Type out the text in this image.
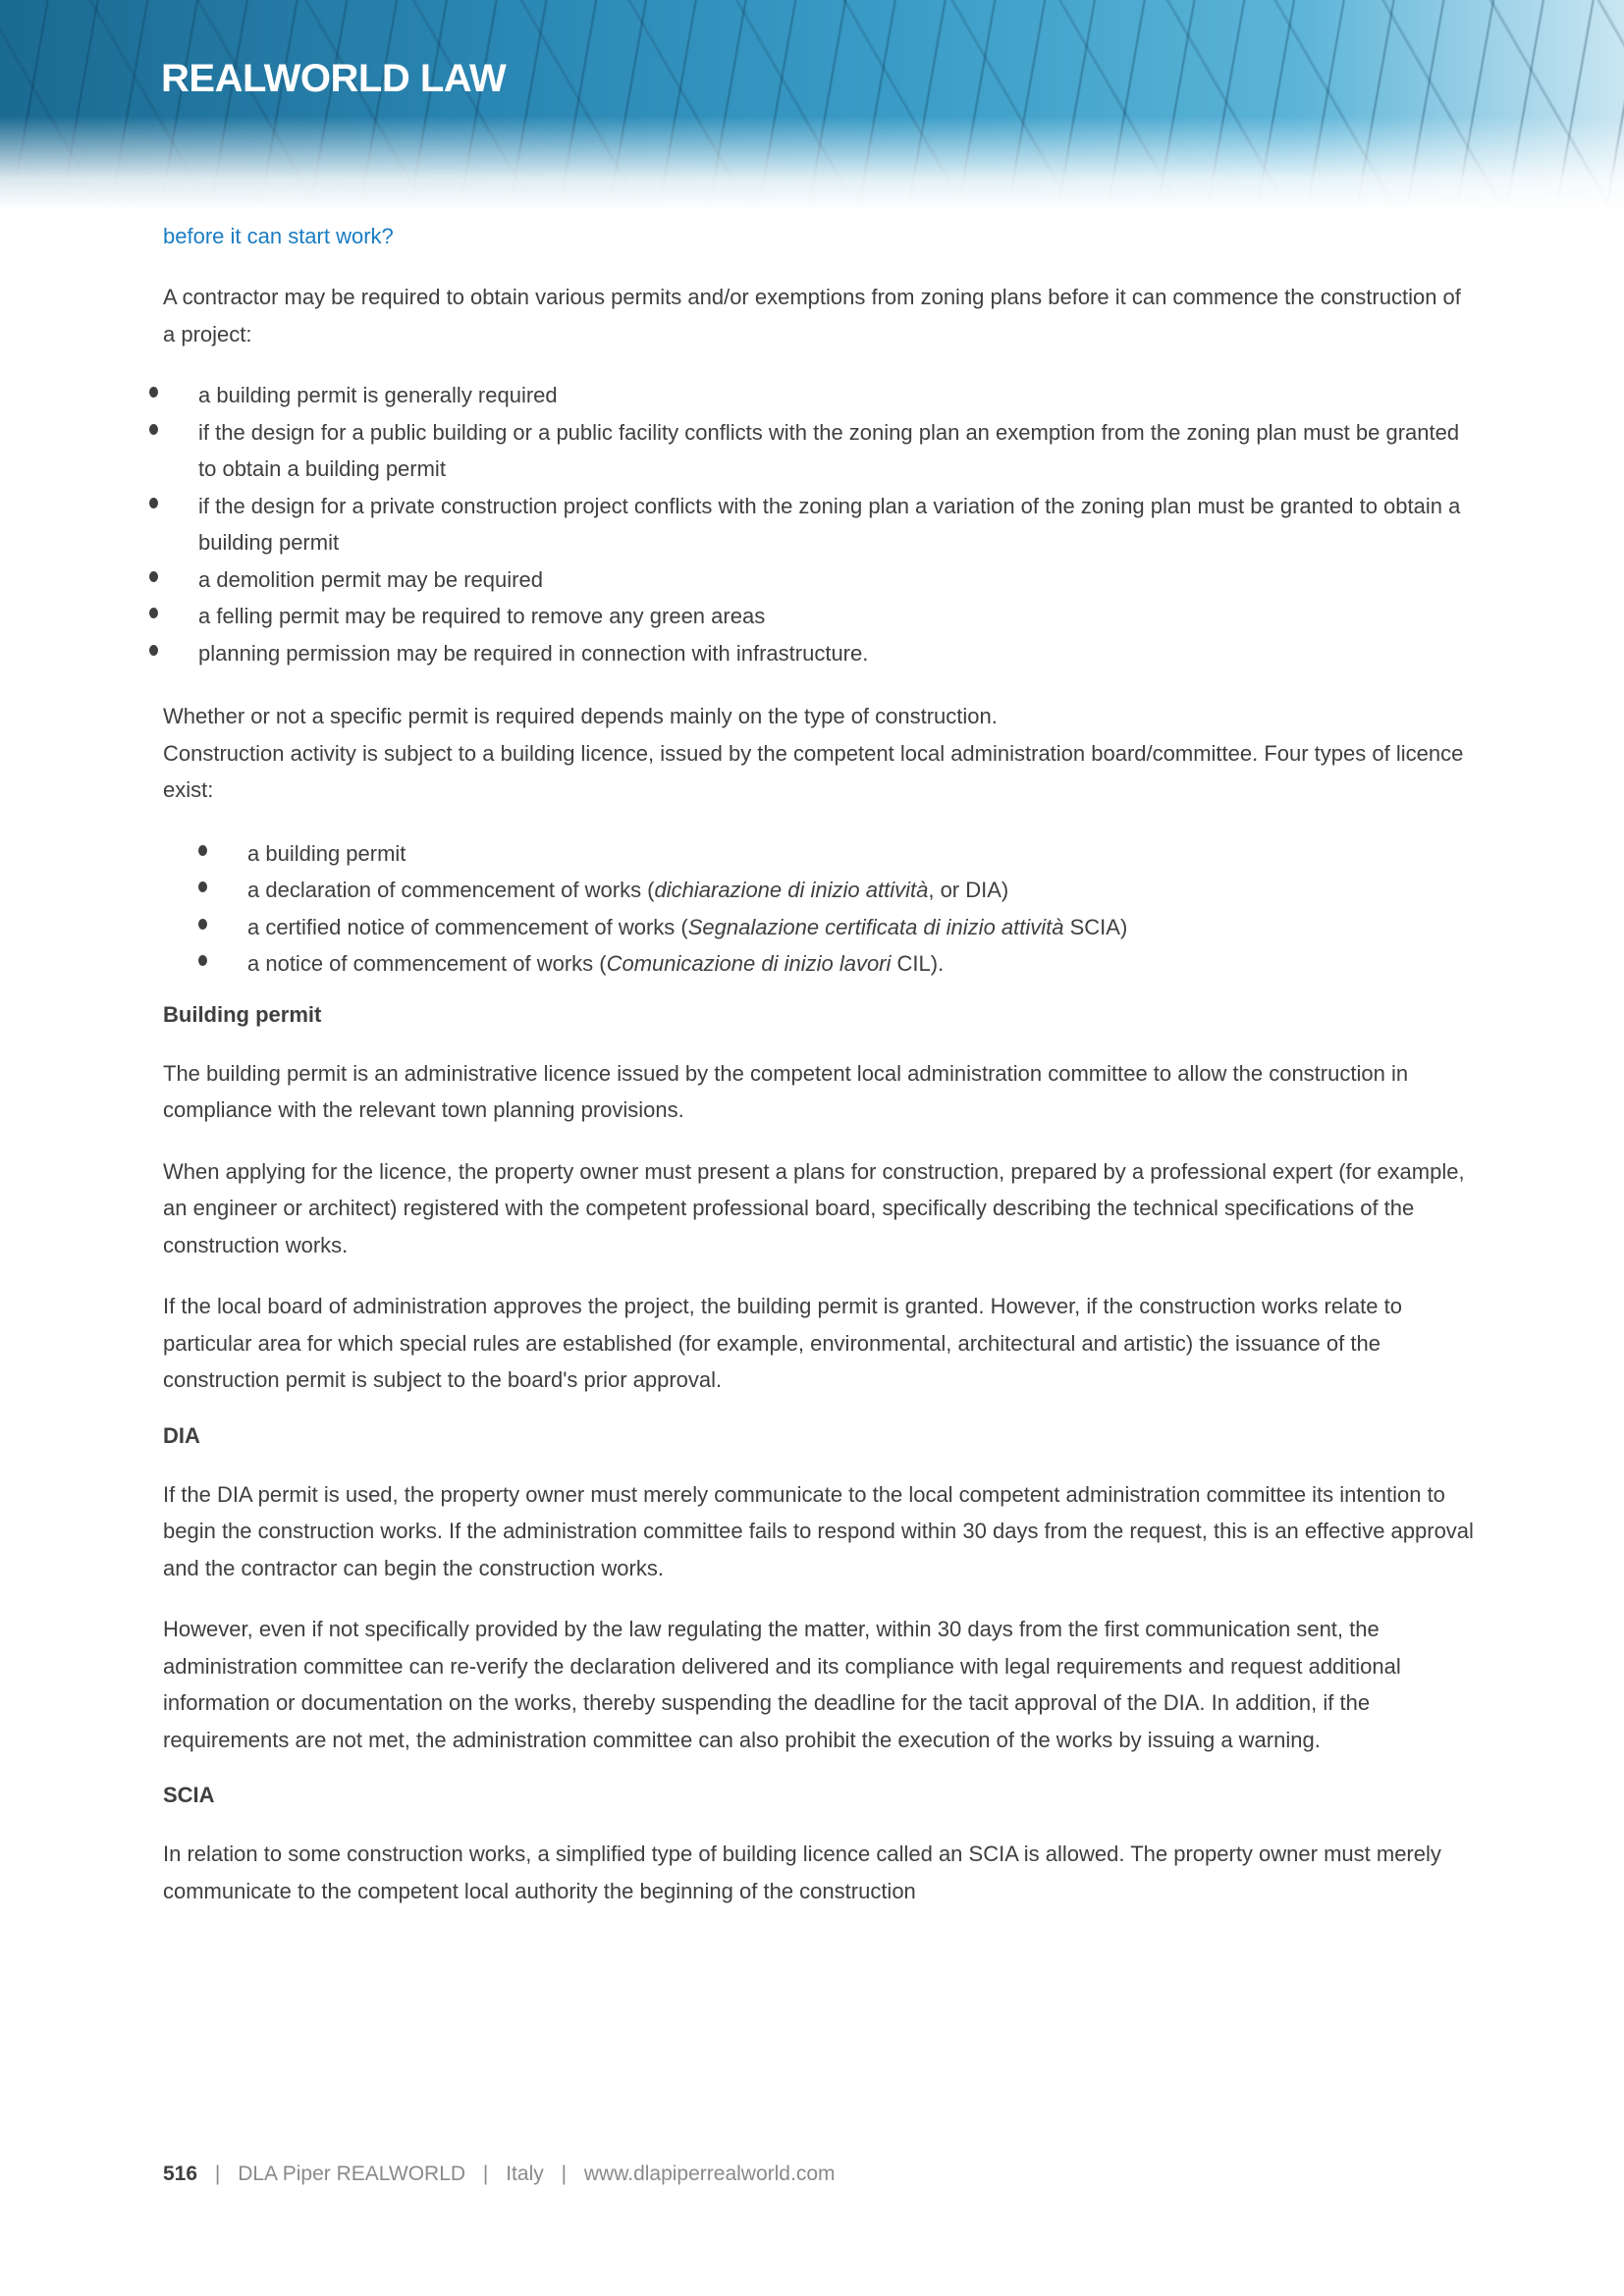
REALWORLD LAW
before it can start work?

A contractor may be required to obtain various permits and/or exemptions from zoning plans before it can commence the construction of a project:

a building permit is generally required
if the design for a public building or a public facility conflicts with the zoning plan an exemption from the zoning plan must be granted to obtain a building permit
if the design for a private construction project conflicts with the zoning plan a variation of the zoning plan must be granted to obtain a building permit
a demolition permit may be required
a felling permit may be required to remove any green areas
planning permission may be required in connection with infrastructure.

Whether or not a specific permit is required depends mainly on the type of construction.
Construction activity is subject to a building licence, issued by the competent local administration board/committee. Four types of licence exist:

a building permit
a declaration of commencement of works (dichiarazione di inizio attività, or DIA)
a certified notice of commencement of works (Segnalazione certificata di inizio attività SCIA)
a notice of commencement of works (Comunicazione di inizio lavori CIL).
Building permit

The building permit is an administrative licence issued by the competent local administration committee to allow the construction in compliance with the relevant town planning provisions.

When applying for the licence, the property owner must present a plans for construction, prepared by a professional expert (for example, an engineer or architect) registered with the competent professional board, specifically describing the technical specifications of the construction works.

If the local board of administration approves the project, the building permit is granted. However, if the construction works relate to particular area for which special rules are established (for example, environmental, architectural and artistic) the issuance of the construction permit is subject to the board's prior approval.

DIA

If the DIA permit is used, the property owner must merely communicate to the local competent administration committee its intention to begin the construction works. If the administration committee fails to respond within 30 days from the request, this is an effective approval and the contractor can begin the construction works.

However, even if not specifically provided by the law regulating the matter, within 30 days from the first communication sent, the administration committee can re-verify the declaration delivered and its compliance with legal requirements and request additional information or documentation on the works, thereby suspending the deadline for the tacit approval of the DIA. In addition, if the requirements are not met, the administration committee can also prohibit the execution of the works by issuing a warning.

SCIA

In relation to some construction works, a simplified type of building licence called an SCIA is allowed. The property owner must merely communicate to the competent local authority the beginning of the construction

516 | DLA Piper REALWORLD | Italy | www.dlapiperrealworld.com
